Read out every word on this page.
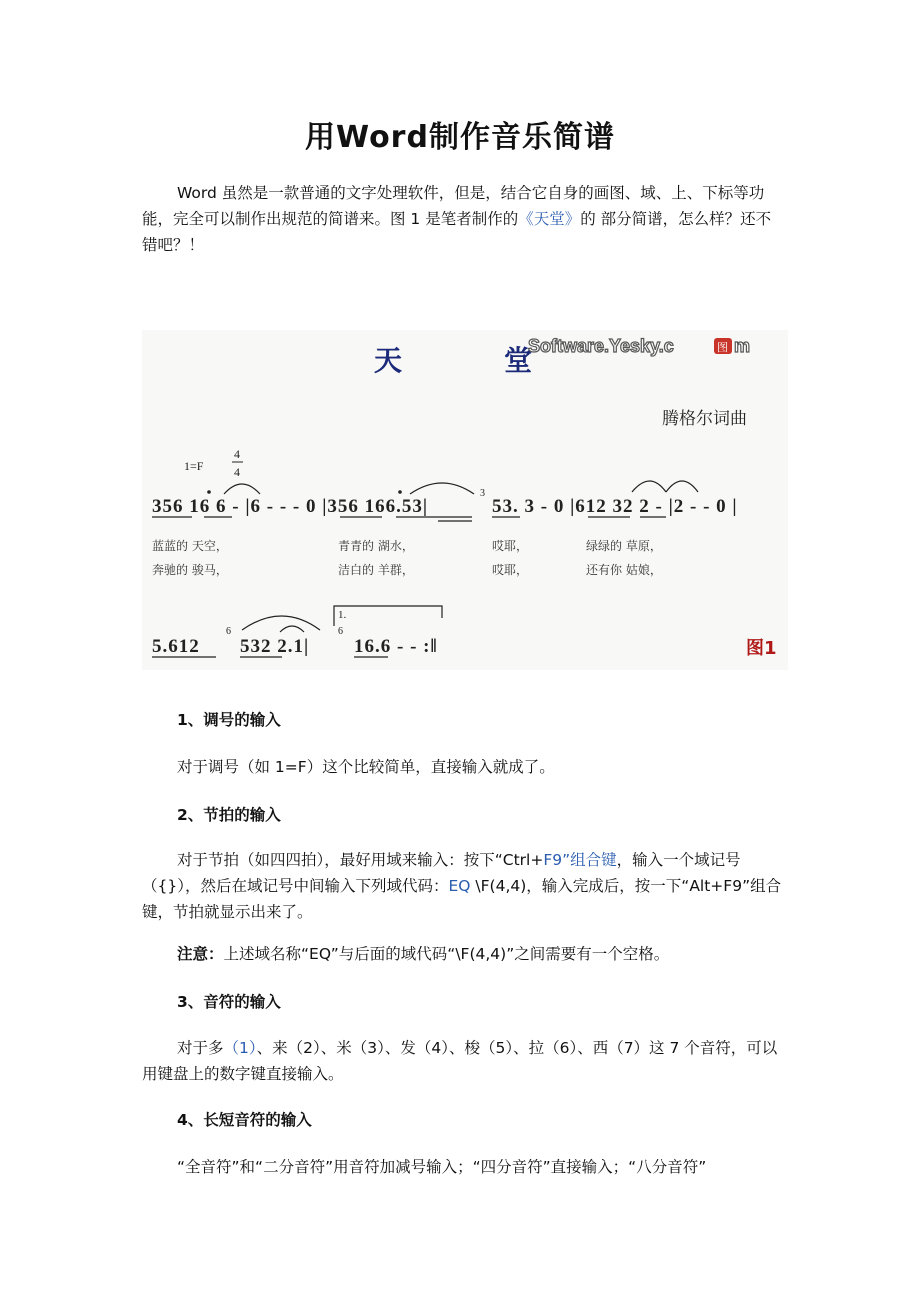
用Word制作音乐简谱

Word 虽然是一款普通的文字处理软件，但是，结合它自身的画图、域、上、下标等功能，完全可以制作出规范的简谱来。图 1 是笔者制作的《天堂》的 部分简谱，怎么样？还不错吧？！

天	堂
Software.Yesky.c	图 m
腾格尔词曲
1=F
4
4
356 16 6 - |6 - - - 0 |356 166.53|
3
53. 3 - 0 |612 32 2 - |2 - - 0 |
蓝蓝的 天空，	青青的 湖水，	哎耶，	绿绿的 草原，
奔驰的 骏马，	洁白的 羊群，	哎耶，	还有你 姑娘，
1.
5.612
6
532 2.1|
6
16.6 - - :‖	图1
1、调号的输入

对于调号（如 1=F）这个比较简单，直接输入就成了。

2、节拍的输入

对于节拍（如四四拍），最好用域来输入：按下“Ctrl+F9”组合键，输入一个域记号（{}），然后在域记号中间输入下列域代码：EQ \F(4,4)，输入完成后，按一下“Alt+F9”组合键，节拍就显示出来了。

注意：上述域名称“EQ”与后面的域代码“\F(4,4)”之间需要有一个空格。

3、音符的输入

对于多（1）、来（2）、米（3）、发（4）、梭（5）、拉（6）、西（7）这 7 个音符，可以用键盘上的数字键直接输入。

4、长短音符的输入

“全音符”和“二分音符”用音符加减号输入；“四分音符”直接输入；“八分音符”
